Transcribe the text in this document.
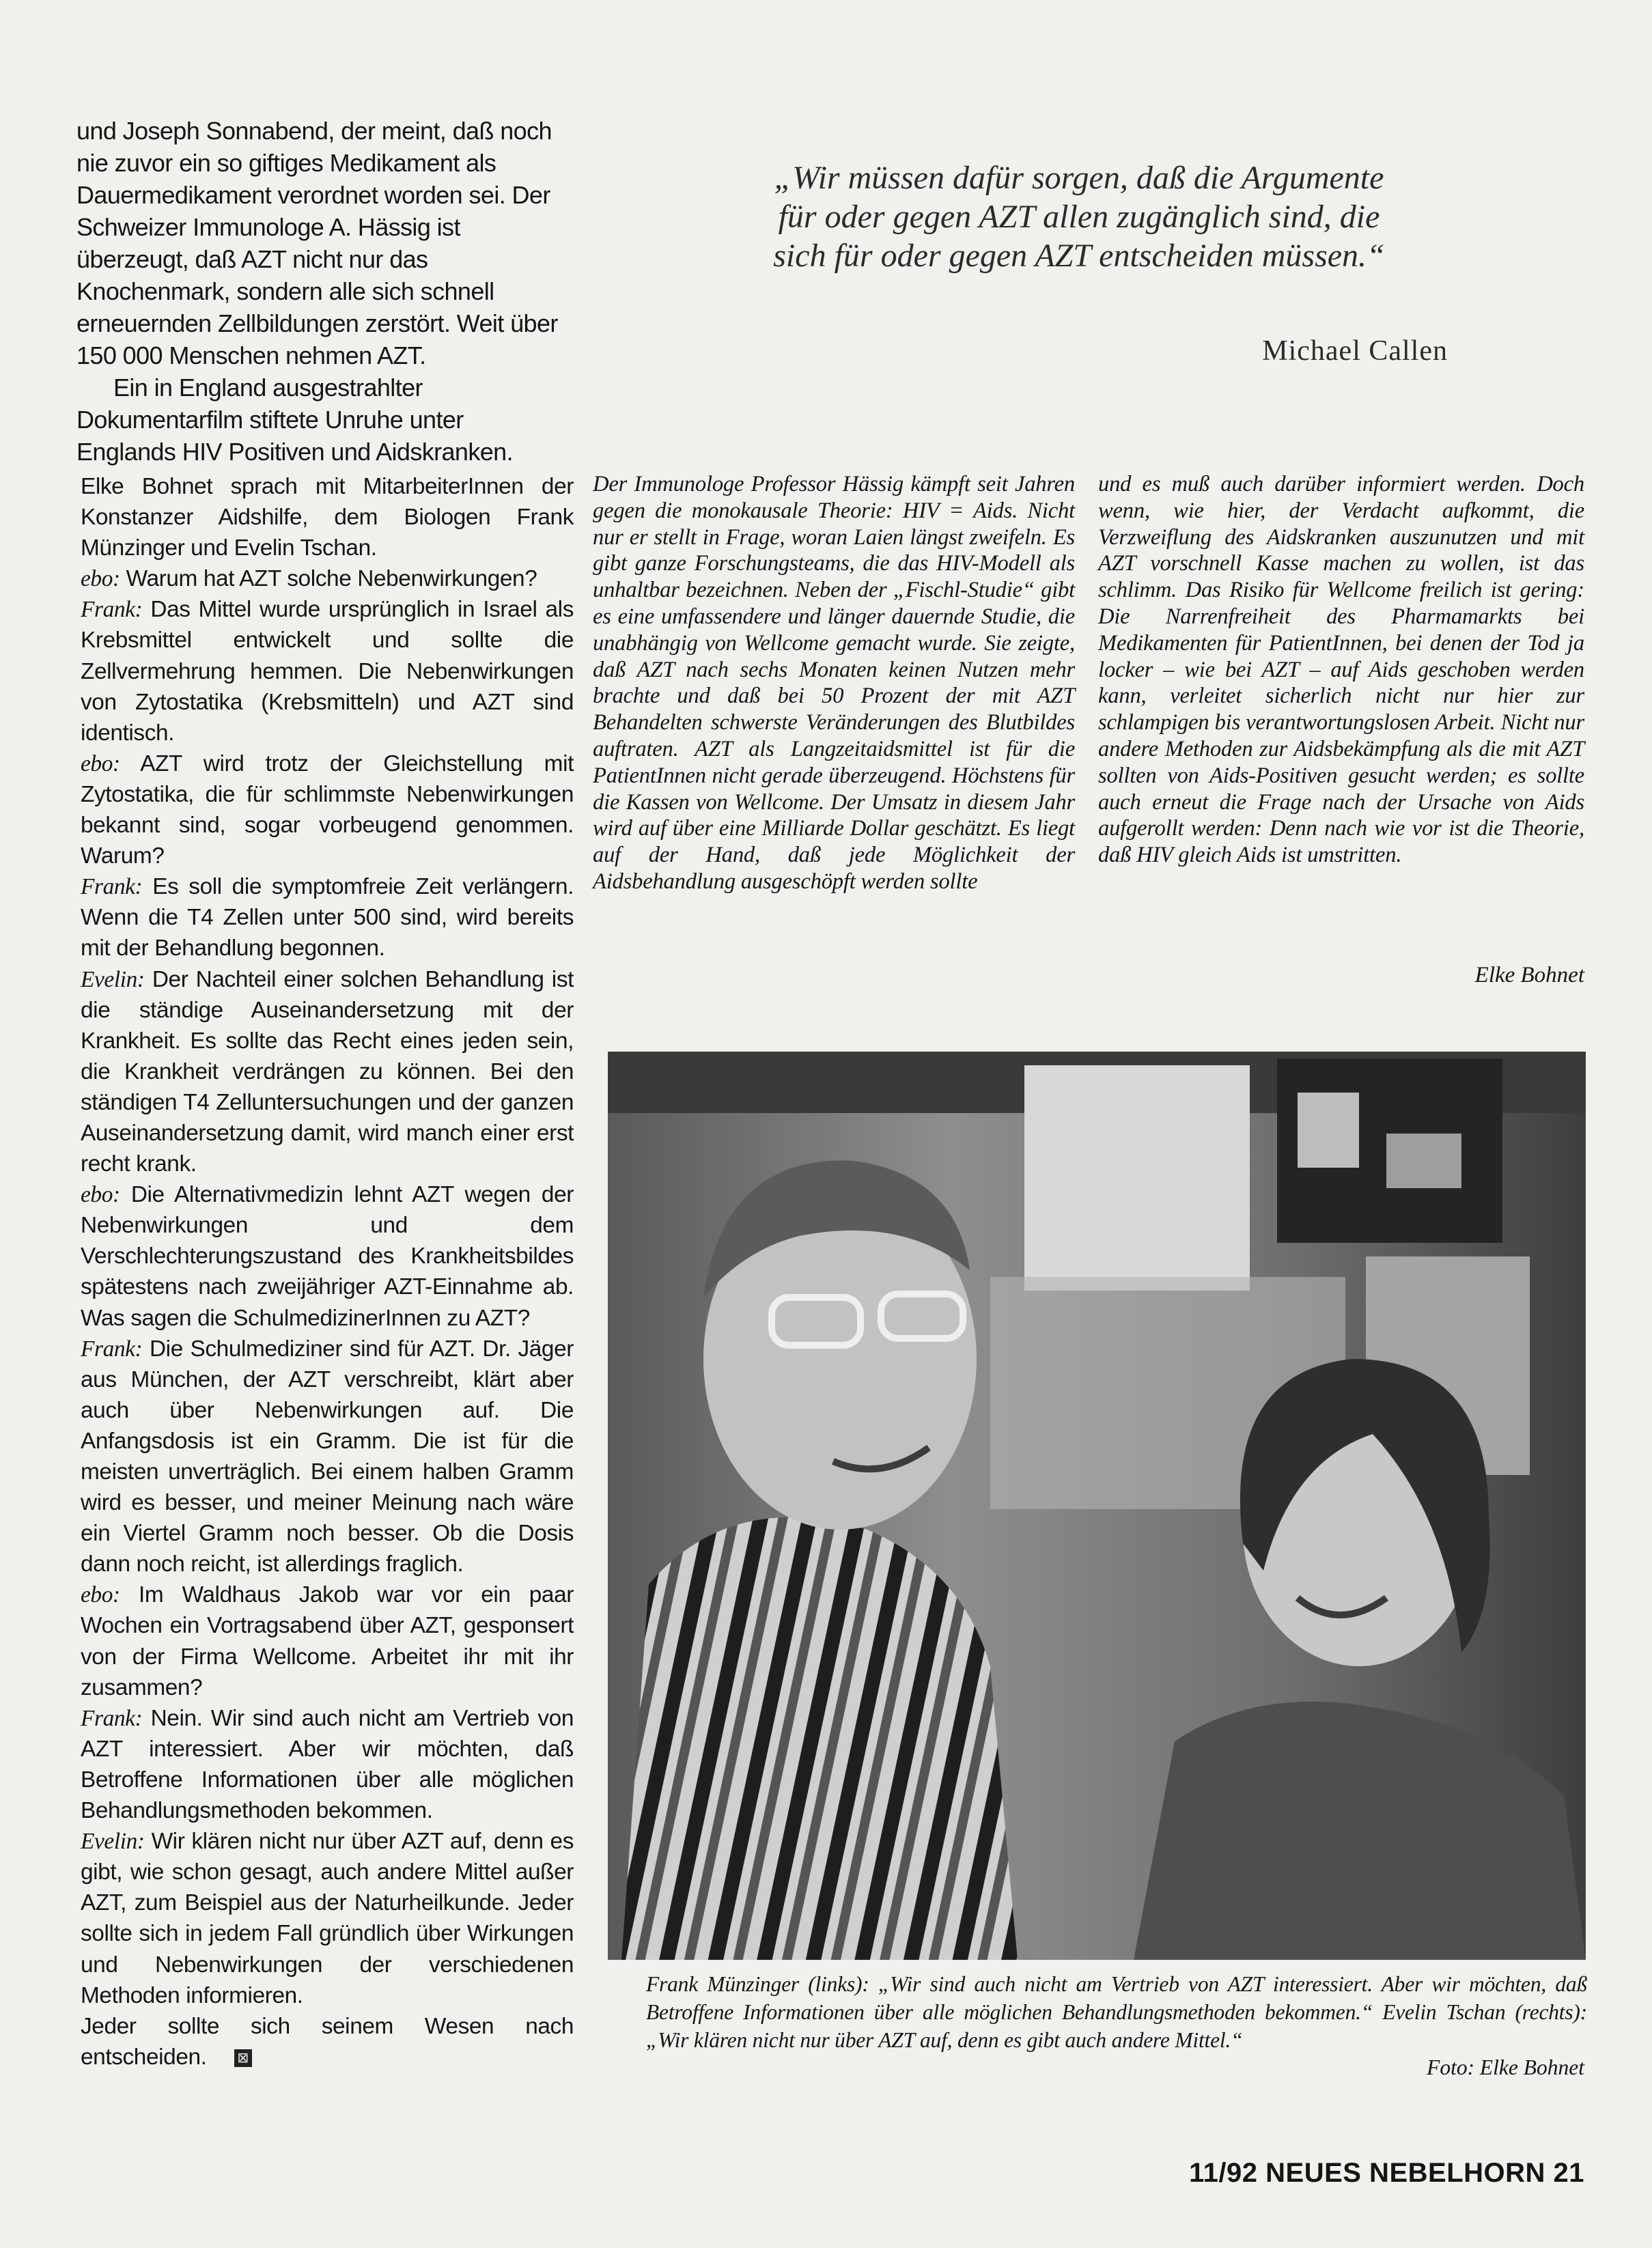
und Joseph Sonnabend, der meint, daß noch nie zuvor ein so giftiges Medikament als Dauermedikament verordnet worden sei. Der Schweizer Immunologe A. Hässig ist überzeugt, daß AZT nicht nur das Knochenmark, sondern alle sich schnell erneuernden Zellbildungen zerstört. Weit über 150 000 Menschen nehmen AZT.

Ein in England ausgestrahlter Dokumentarfilm stiftete Unruhe unter Englands HIV Positiven und Aidskranken.

„Wir müssen dafür sorgen, daß die Argumente für oder gegen AZT allen zugänglich sind, die sich für oder gegen AZT entscheiden müssen.“
Michael Callen

Elke Bohnet sprach mit MitarbeiterInnen der Konstanzer Aidshilfe, dem Biologen Frank Münzinger und Evelin Tschan.

ebo: Warum hat AZT solche Nebenwirkungen?

Frank: Das Mittel wurde ursprünglich in Israel als Krebsmittel entwickelt und sollte die Zellvermehrung hemmen. Die Nebenwirkungen von Zytostatika (Krebsmitteln) und AZT sind identisch.

ebo: AZT wird trotz der Gleichstellung mit Zytostatika, die für schlimmste Nebenwirkungen bekannt sind, sogar vorbeugend genommen. Warum?

Frank: Es soll die symptomfreie Zeit verlängern. Wenn die T4 Zellen unter 500 sind, wird bereits mit der Behandlung begonnen.

Evelin: Der Nachteil einer solchen Behandlung ist die ständige Auseinandersetzung mit der Krankheit. Es sollte das Recht eines jeden sein, die Krankheit verdrängen zu können. Bei den ständigen T4 Zelluntersuchungen und der ganzen Auseinandersetzung damit, wird manch einer erst recht krank.

ebo: Die Alternativmedizin lehnt AZT wegen der Nebenwirkungen und dem Verschlechterungszustand des Krankheitsbildes spätestens nach zweijähriger AZT-Einnahme ab. Was sagen die SchulmedizinerInnen zu AZT?

Frank: Die Schulmediziner sind für AZT. Dr. Jäger aus München, der AZT verschreibt, klärt aber auch über Nebenwirkungen auf. Die Anfangsdosis ist ein Gramm. Die ist für die meisten unverträglich. Bei einem halben Gramm wird es besser, und meiner Meinung nach wäre ein Viertel Gramm noch besser. Ob die Dosis dann noch reicht, ist allerdings fraglich.

ebo: Im Waldhaus Jakob war vor ein paar Wochen ein Vortragsabend über AZT, gesponsert von der Firma Wellcome. Arbeitet ihr mit ihr zusammen?

Frank: Nein. Wir sind auch nicht am Vertrieb von AZT interessiert. Aber wir möchten, daß Betroffene Informationen über alle möglichen Behandlungsmethoden bekommen.

Evelin: Wir klären nicht nur über AZT auf, denn es gibt, wie schon gesagt, auch andere Mittel außer AZT, zum Beispiel aus der Naturheilkunde. Jeder sollte sich in jedem Fall gründlich über Wirkungen und Nebenwirkungen der verschiedenen Methoden informieren.

Jeder sollte sich seinem Wesen nach entscheiden. ⊠

Der Immunologe Professor Hässig kämpft seit Jahren gegen die monokausale Theorie: HIV = Aids. Nicht nur er stellt in Frage, woran Laien längst zweifeln. Es gibt ganze Forschungsteams, die das HIV-Modell als unhaltbar bezeichnen. Neben der „Fischl-Studie“ gibt es eine umfassendere und länger dauernde Studie, die unabhängig von Wellcome gemacht wurde. Sie zeigte, daß AZT nach sechs Monaten keinen Nutzen mehr brachte und daß bei 50 Prozent der mit AZT Behandelten schwerste Veränderungen des Blutbildes auftraten. AZT als Langzeitaidsmittel ist für die PatientInnen nicht gerade überzeugend. Höchstens für die Kassen von Wellcome. Der Umsatz in diesem Jahr wird auf über eine Milliarde Dollar geschätzt. Es liegt auf der Hand, daß jede Möglichkeit der Aidsbehandlung ausgeschöpft werden sollte

und es muß auch darüber informiert werden. Doch wenn, wie hier, der Verdacht aufkommt, die Verzweiflung des Aidskranken auszunutzen und mit AZT vorschnell Kasse machen zu wollen, ist das schlimm. Das Risiko für Wellcome freilich ist gering: Die Narrenfreiheit des Pharmamarkts bei Medikamenten für PatientInnen, bei denen der Tod ja locker – wie bei AZT – auf Aids geschoben werden kann, verleitet sicherlich nicht nur hier zur schlampigen bis verantwortungslosen Arbeit. Nicht nur andere Methoden zur Aidsbekämpfung als die mit AZT sollten von Aids-Positiven gesucht werden; es sollte auch erneut die Frage nach der Ursache von Aids aufgerollt werden: Denn nach wie vor ist die Theorie, daß HIV gleich Aids ist umstritten.

Elke Bohnet
Frank Münzinger (links): „Wir sind auch nicht am Vertrieb von AZT interessiert. Aber wir möchten, daß Betroffene Informationen über alle möglichen Behandlungsmethoden bekommen.“ Evelin Tschan (rechts): „Wir klären nicht nur über AZT auf, denn es gibt auch andere Mittel.“
Foto: Elke Bohnet
11/92 NEUES NEBELHORN 21
